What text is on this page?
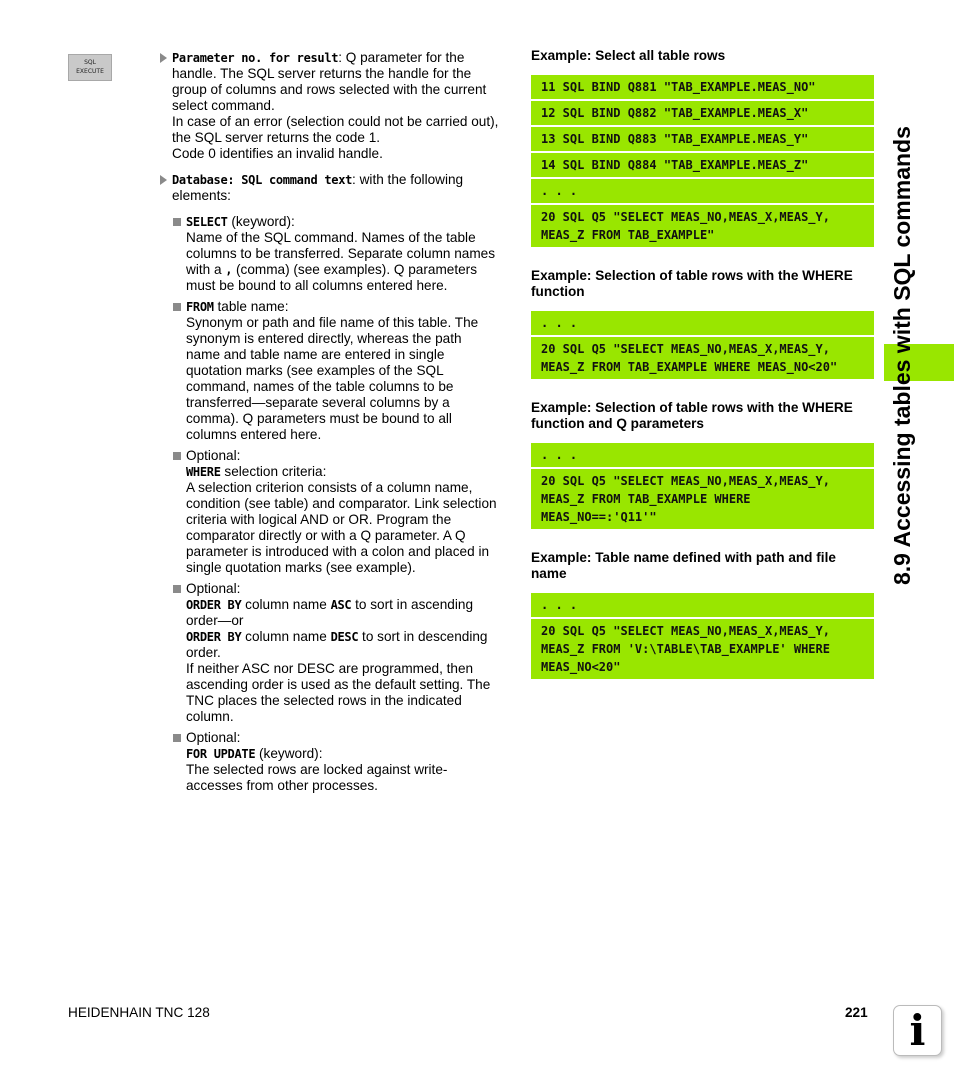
SQL
EXECUTE
Parameter no. for result: Q parameter for the
handle. The SQL server returns the handle for the
group of columns and rows selected with the current
select command.
In case of an error (selection could not be carried out),
the SQL server returns the code 1.
Code 0 identifies an invalid handle.
Database: SQL command text: with the following
elements:
SELECT (keyword):
Name of the SQL command. Names of the table
columns to be transferred. Separate column names
with a , (comma) (see examples). Q parameters
must be bound to all columns entered here.
FROM table name:
Synonym or path and file name of this table. The
synonym is entered directly, whereas the path
name and table name are entered in single
quotation marks (see examples of the SQL
command, names of the table columns to be
transferred—separate several columns by a
comma). Q parameters must be bound to all
columns entered here.
Optional:
WHERE selection criteria:
A selection criterion consists of a column name,
condition (see table) and comparator. Link selection
criteria with logical AND or OR. Program the
comparator directly or with a Q parameter. A Q
parameter is introduced with a colon and placed in
single quotation marks (see example).
Optional:
ORDER BY column name ASC to sort in ascending
order—or
ORDER BY column name DESC to sort in descending
order.
If neither ASC nor DESC are programmed, then
ascending order is used as the default setting. The
TNC places the selected rows in the indicated
column.
Optional:
FOR UPDATE (keyword):
The selected rows are locked against write-
accesses from other processes.
Example: Select all table rows
11 SQL BIND Q881 "TAB_EXAMPLE.MEAS_NO"
12 SQL BIND Q882 "TAB_EXAMPLE.MEAS_X"
13 SQL BIND Q883 "TAB_EXAMPLE.MEAS_Y"
14 SQL BIND Q884 "TAB_EXAMPLE.MEAS_Z"
. . .
20 SQL Q5 "SELECT MEAS_NO,MEAS_X,MEAS_Y,
MEAS_Z FROM TAB_EXAMPLE"
Example: Selection of table rows with the WHERE
function
. . .
20 SQL Q5 "SELECT MEAS_NO,MEAS_X,MEAS_Y,
MEAS_Z FROM TAB_EXAMPLE WHERE MEAS_NO<20"
Example: Selection of table rows with the WHERE
function and Q parameters
. . .
20 SQL Q5 "SELECT MEAS_NO,MEAS_X,MEAS_Y,
MEAS_Z FROM TAB_EXAMPLE WHERE
MEAS_NO==:'Q11'"
Example: Table name defined with path and file
name
. . .
20 SQL Q5 "SELECT MEAS_NO,MEAS_X,MEAS_Y,
MEAS_Z FROM 'V:\TABLE\TAB_EXAMPLE' WHERE
MEAS_NO<20"
8.9 Accessing tables with SQL commands
HEIDENHAIN TNC 128	221 i
